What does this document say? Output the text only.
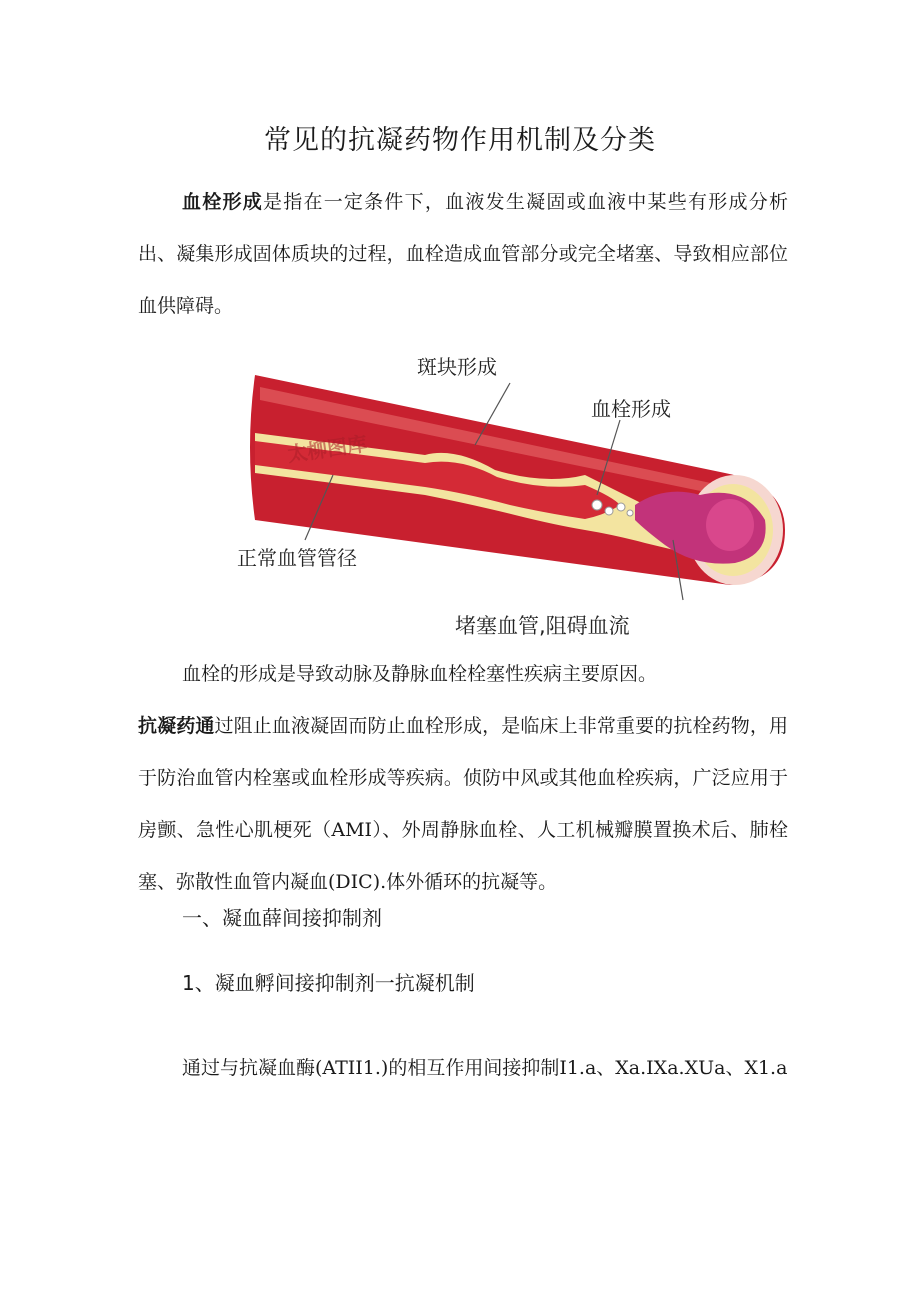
常见的抗凝药物作用机制及分类

血栓形成是指在一定条件下，血液发生凝固或血液中某些有形成分析出、凝集形成固体质块的过程，血栓造成血管部分或完全堵塞、导致相应部位血供障碍。

太柳图库
斑块形成
血栓形成
正常血管管径
堵塞血管,阻碍血流

血栓的形成是导致动脉及静脉血栓栓塞性疾病主要原因。

抗凝药通过阻止血液凝固而防止血栓形成，是临床上非常重要的抗栓药物，用于防治血管内栓塞或血栓形成等疾病。侦防中风或其他血栓疾病，广泛应用于房颤、急性心肌梗死（AMI）、外周静脉血栓、人工机械瓣膜置换术后、肺栓塞、弥散性血管内凝血(DIC).体外循环的抗凝等。

一、凝血薛间接抑制剂
1、凝血孵间接抑制剂一抗凝机制

通过与抗凝血酶(ATII1.)的相互作用间接抑制I1.a、Xa.IXa.XUa、X1.a
